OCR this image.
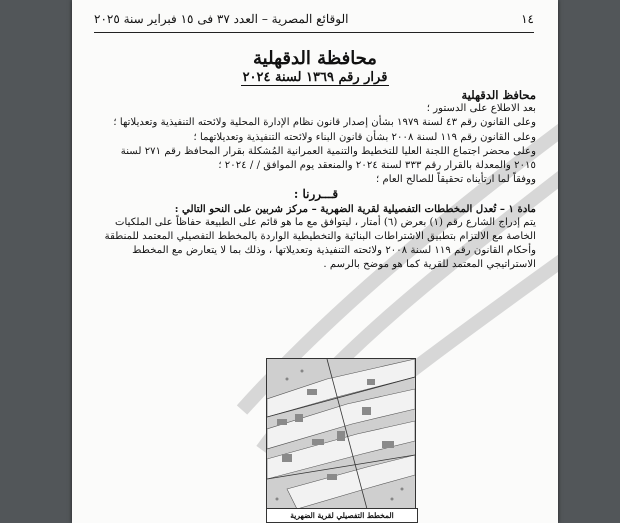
١٤
الوقائع المصرية – العدد ٣٧ فى ١٥ فبراير سنة ٢٠٢٥
محافظة الدقهلية
قرار رقم ١٣٦٩ لسنة ٢٠٢٤

محافظ الدقهلية

بعد الاطلاع على الدستور ؛

وعلى القانون رقم ٤٣ لسنة ١٩٧٩ بشأن إصدار قانون نظام الإدارة المحلية ولائحته التنفيذية وتعديلاتها ؛

وعلى القانون رقم ١١٩ لسنة ٢٠٠٨ بشأن قانون البناء ولائحته التنفيذية وتعديلاتهما ؛

وعلى محضر اجتماع اللجنة العليا للتخطيط والتنمية العمرانية المُشكلة بقرار المحافظ رقم ٢٧١ لسنة ٢٠١٥ والمعدلة بالقرار رقم ٣٣٣ لسنة ٢٠٢٤ والمنعقد يوم الموافق / / ٢٠٢٤ ؛

ووفقاً لما ارتأيناه تحقيقاً للصالح العام ؛

قـــررنا :

مادة ١ – تُعدل المخططات التفصيلية لقرية الضهرية – مركز شربين على النحو التالي :

يتم إدراج الشارع رقم (١) بعرض (٦) أمتار ، ليتوافق مع ما هو قائم على الطبيعة حفاظاً على الملكيات الخاصة مع الالتزام بتطبيق الاشتراطات البنائية والتخطيطية الواردة بالمخطط التفصيلي المعتمد للمنطقة وأحكام القانون رقم ١١٩ لسنة ٢٠٠٨ ولائحته التنفيذية وتعديلاتها ، وذلك بما لا يتعارض مع المخطط الاستراتيجي المعتمد للقرية كما هو موضح بالرسم .

المخطط التفصيلي لقرية الضهرية
